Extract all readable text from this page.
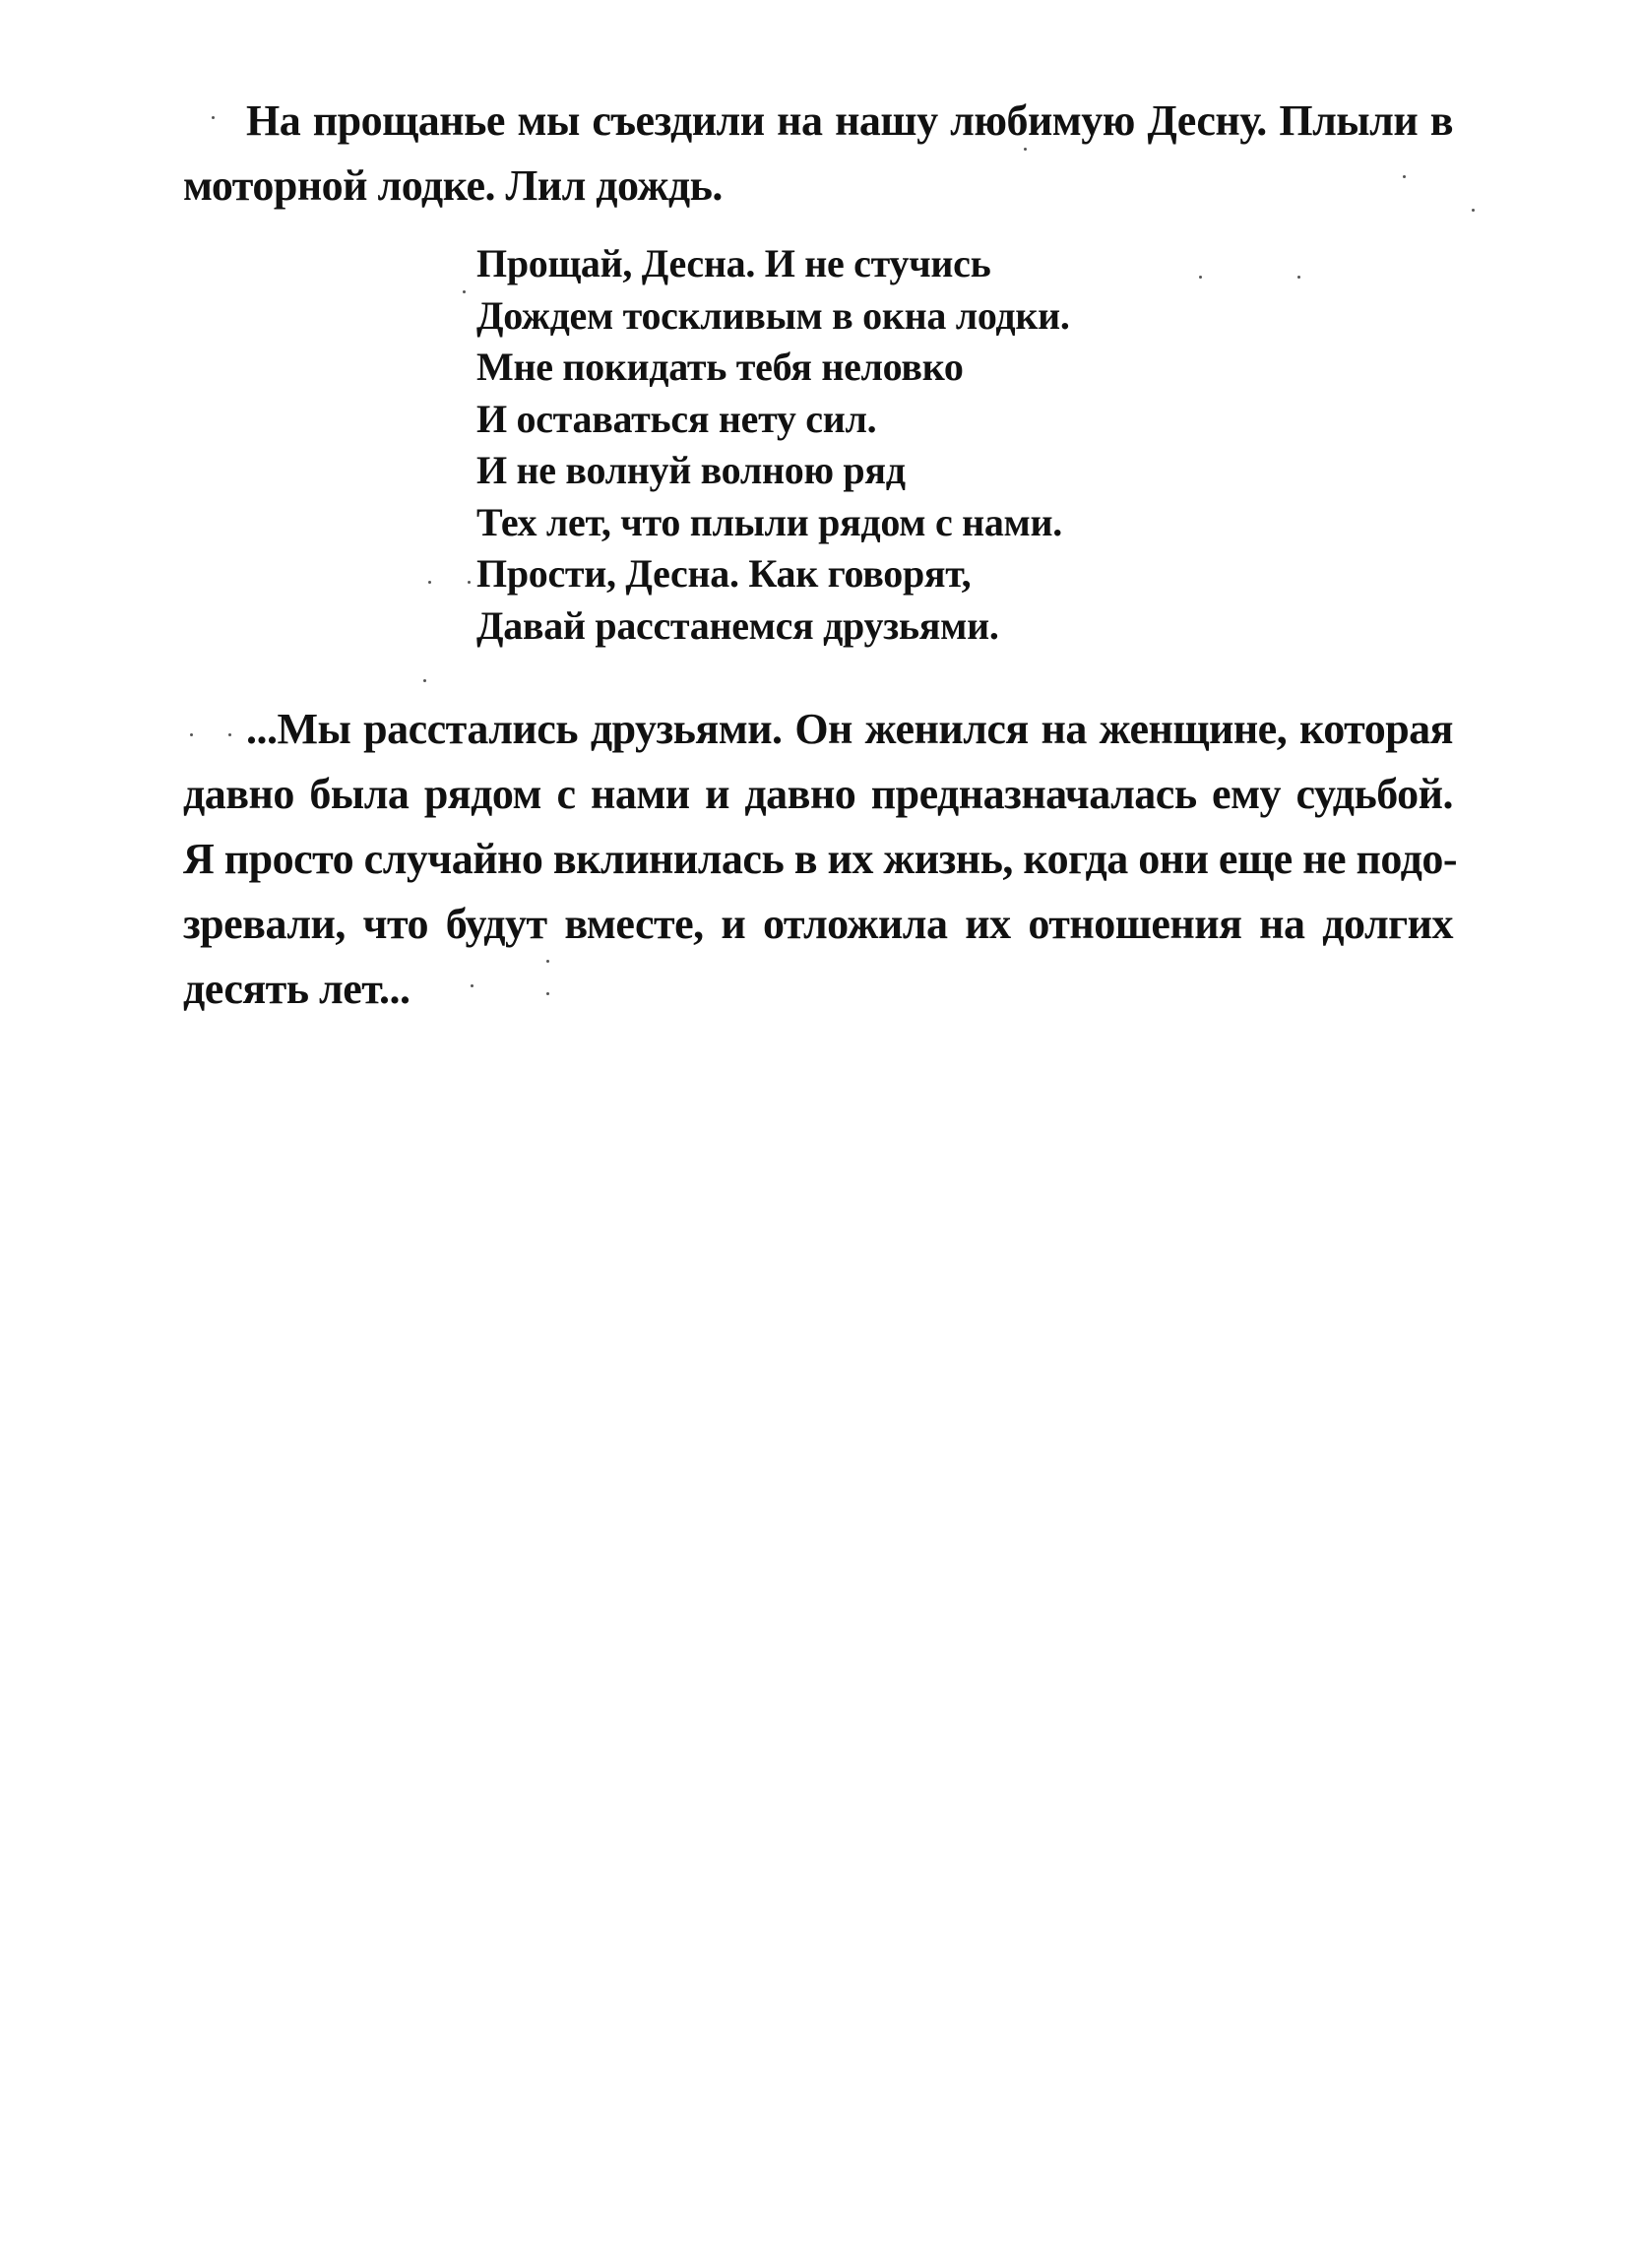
На прощанье мы съездили на нашу любимую Десну. Плыли в
моторной лодке. Лил дождь.
Прощай, Десна. И не стучись
Дождем тоскливым в окна лодки.
Мне покидать тебя неловко
И оставаться нету сил.
И не волнуй волною ряд
Тех лет, что плыли рядом с нами.
Прости, Десна. Как говорят,
Давай расстанемся друзьями.
...Мы расстались друзьями. Он женился на женщине, которая
давно была рядом с нами и давно предназначалась ему судьбой.
Я просто случайно вклинилась в их жизнь, когда они еще не подо-
зревали, что будут вместе, и отложила их отношения на долгих
десять лет...
